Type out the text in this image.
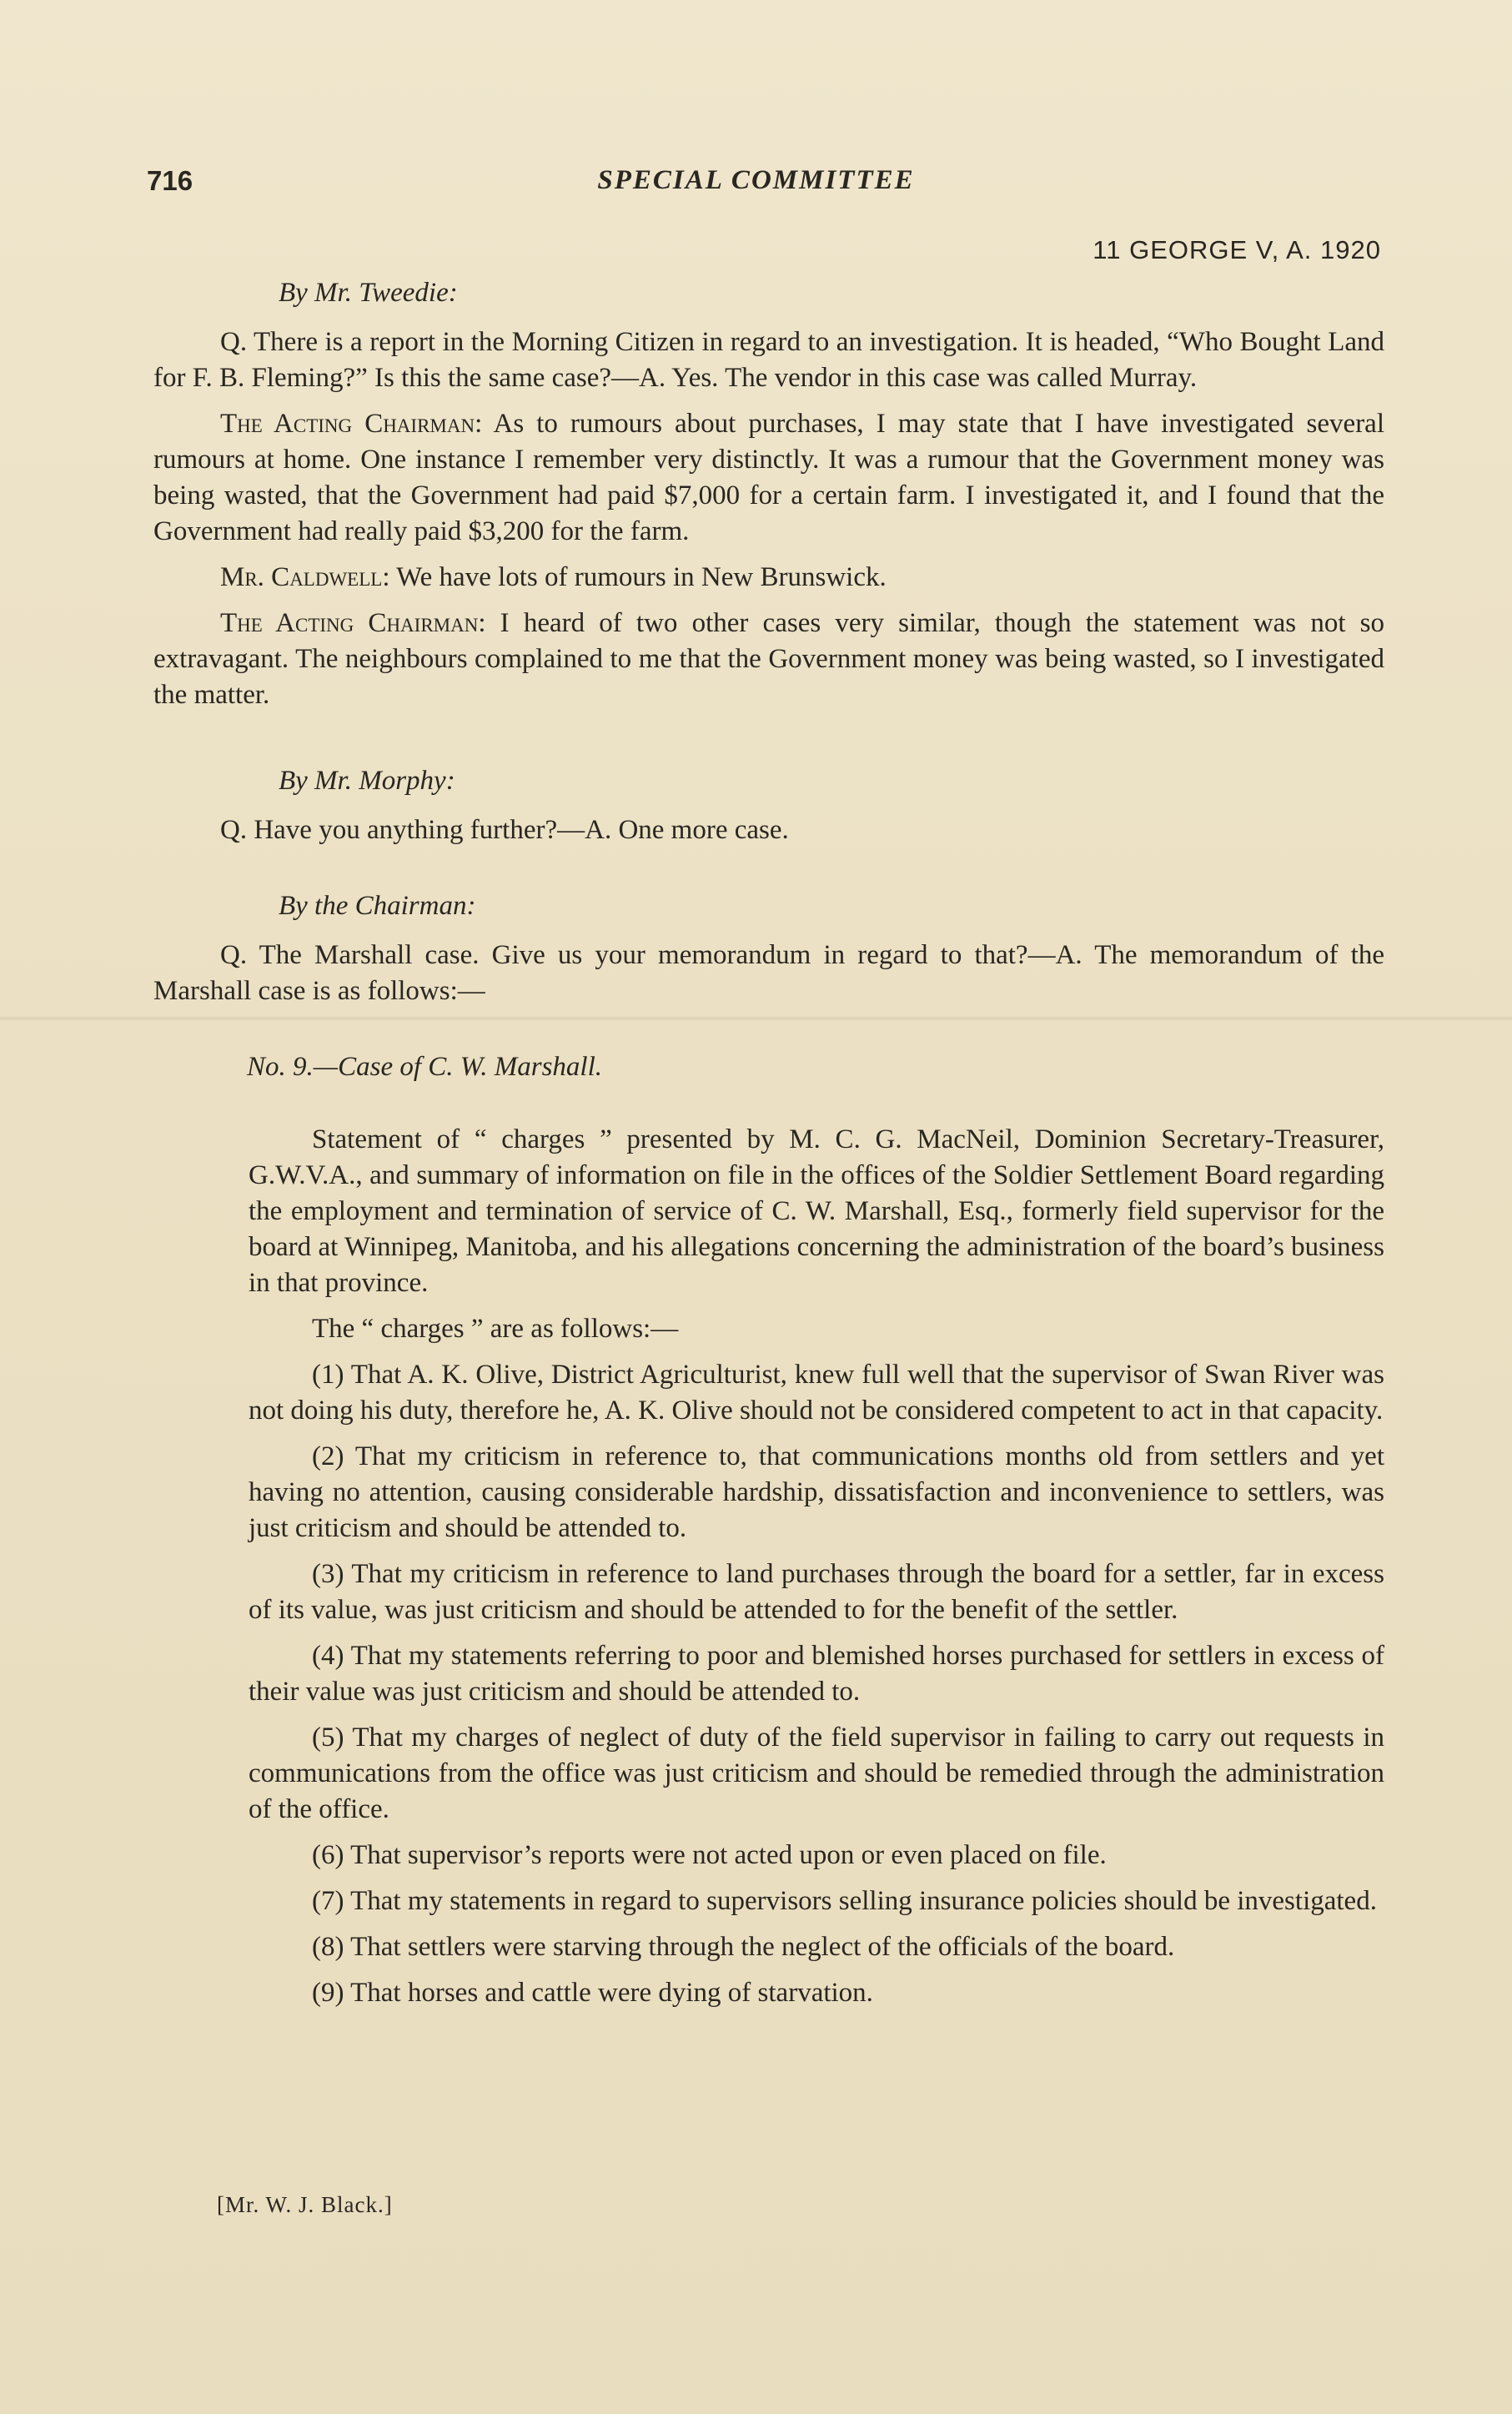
716	SPECIAL COMMITTEE
11 GEORGE V, A. 1920
By Mr. Tweedie:

Q. There is a report in the Morning Citizen in regard to an investigation. It is headed, “Who Bought Land for F. B. Fleming?” Is this the same case?—A. Yes. The vendor in this case was called Murray.

The Acting Chairman: As to rumours about purchases, I may state that I have investigated several rumours at home. One instance I remember very distinctly. It was a rumour that the Government money was being wasted, that the Government had paid $7,000 for a certain farm. I investigated it, and I found that the Government had really paid $3,200 for the farm.

Mr. Caldwell: We have lots of rumours in New Brunswick.

The Acting Chairman: I heard of two other cases very similar, though the statement was not so extravagant. The neighbours complained to me that the Government money was being wasted, so I investigated the matter.

By Mr. Morphy:

Q. Have you anything further?—A. One more case.

By the Chairman:

Q. The Marshall case. Give us your memorandum in regard to that?—A. The memorandum of the Marshall case is as follows:—

No. 9.—Case of C. W. Marshall.

Statement of “ charges ” presented by M. C. G. MacNeil, Dominion Secretary-Treasurer, G.W.V.A., and summary of information on file in the offices of the Soldier Settlement Board regarding the employment and termination of service of C. W. Marshall, Esq., formerly field supervisor for the board at Winnipeg, Manitoba, and his allegations concerning the administration of the board’s business in that province.

The “ charges ” are as follows:—

(1) That A. K. Olive, District Agriculturist, knew full well that the supervisor of Swan River was not doing his duty, therefore he, A. K. Olive should not be considered competent to act in that capacity.

(2) That my criticism in reference to, that communications months old from settlers and yet having no attention, causing considerable hardship, dissatisfaction and inconvenience to settlers, was just criticism and should be attended to.

(3) That my criticism in reference to land purchases through the board for a settler, far in excess of its value, was just criticism and should be attended to for the benefit of the settler.

(4) That my statements referring to poor and blemished horses purchased for settlers in excess of their value was just criticism and should be attended to.

(5) That my charges of neglect of duty of the field supervisor in failing to carry out requests in communications from the office was just criticism and should be remedied through the administration of the office.

(6) That supervisor’s reports were not acted upon or even placed on file.

(7) That my statements in regard to supervisors selling insurance policies should be investigated.

(8) That settlers were starving through the neglect of the officials of the board.

(9) That horses and cattle were dying of starvation.

[Mr. W. J. Black.]
